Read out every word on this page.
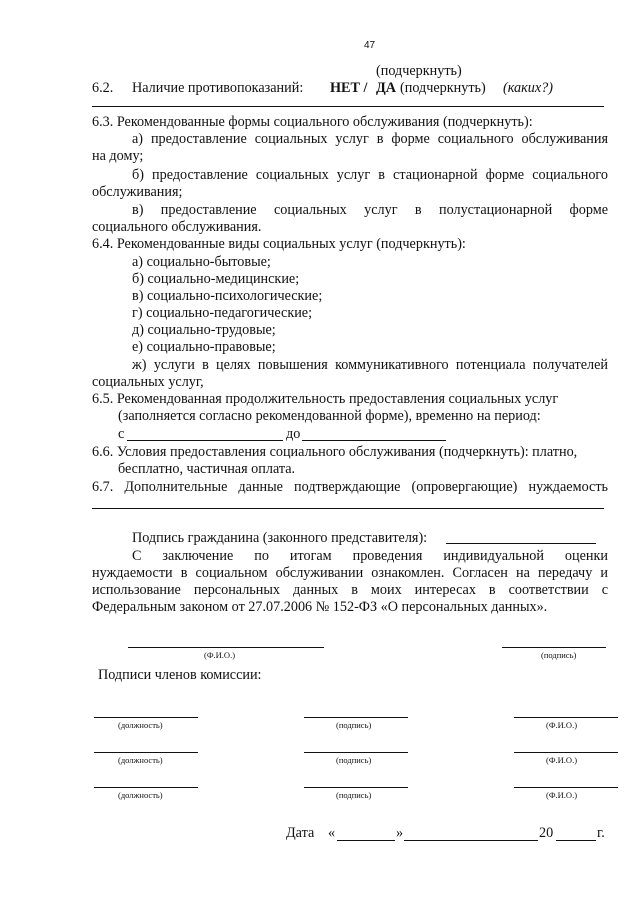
47
(подчеркнуть)
6.2. Наличие противопоказаний: НЕТ / ДА (подчеркнуть) (каких?)
6.3. Рекомендованные формы социального обслуживания (подчеркнуть):
а) предоставление социальных услуг в форме социального обслуживания
на дому;
б) предоставление социальных услуг в стационарной форме социального
обслуживания;
в) предоставление социальных услуг в полустационарной форме
социального обслуживания.
6.4. Рекомендованные виды социальных услуг (подчеркнуть):
а) социально-бытовые;
б) социально-медицинские;
в) социально-психологические;
г) социально-педагогические;
д) социально-трудовые;
е) социально-правовые;
ж) услуги в целях повышения коммуникативного потенциала получателей
социальных услуг,
6.5. Рекомендованная продолжительность предоставления социальных услуг
(заполняется согласно рекомендованной форме), временно на период:
с	до
6.6. Условия предоставления социального обслуживания (подчеркнуть): платно,
бесплатно, частичная оплата.
6.7. Дополнительные данные подтверждающие (опровергающие) нуждаемость
Подпись гражданина (законного представителя):
С заключение по итогам проведения индивидуальной оценки
нуждаемости в социальном обслуживании ознакомлен. Согласен на передачу и
использование персональных данных в моих интересах в соответствии с
Федеральным законом от 27.07.2006 № 152-ФЗ «О персональных данных».
(Ф.И.О.)	(подпись)
Подписи членов комиссии:
(должность)	(подпись)	(Ф.И.О.)
(должность)	(подпись)	(Ф.И.О.)
(должность)	(подпись)	(Ф.И.О.)
Дата «	»	20	г.
